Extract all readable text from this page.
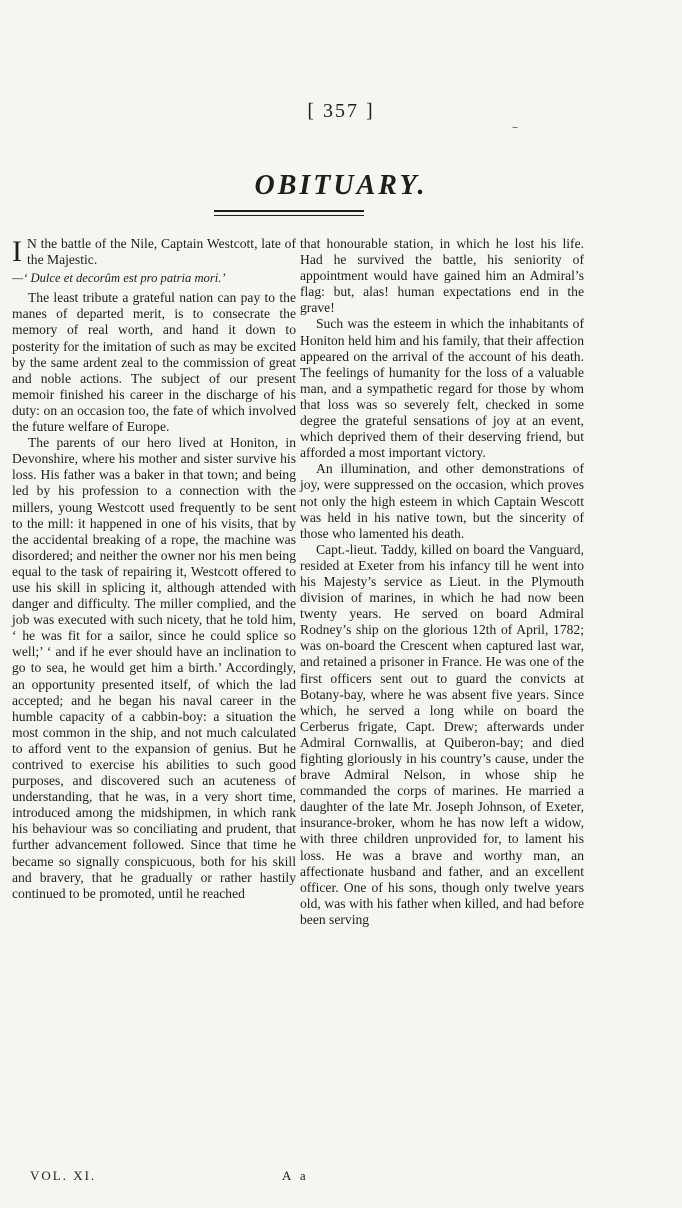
[ 357 ]
–
OBITUARY.

I N the battle of the Nile, Captain Westcott, late of the Majestic.

—‘ Dulce et decorûm est pro patria mori.’

The least tribute a grateful nation can pay to the manes of departed merit, is to consecrate the memory of real worth, and hand it down to posterity for the imitation of such as may be excited by the same ardent zeal to the commission of great and noble actions. The subject of our present memoir finished his career in the discharge of his duty: on an occasion too, the fate of which involved the future welfare of Europe.

The parents of our hero lived at Honiton, in Devonshire, where his mother and sister survive his loss. His father was a baker in that town; and being led by his profession to a connection with the millers, young Westcott used frequently to be sent to the mill: it happened in one of his visits, that by the accidental breaking of a rope, the machine was disordered; and neither the owner nor his men being equal to the task of repairing it, Westcott offered to use his skill in splicing it, although attended with danger and difficulty. The miller complied, and the job was executed with such nicety, that he told him, ‘ he was fit for a sailor, since he could splice so well;’ ‘ and if he ever should have an inclination to go to sea, he would get him a birth.’ Accordingly, an opportunity presented itself, of which the lad accepted; and he began his naval career in the humble capacity of a cabbin-boy: a situation the most common in the ship, and not much calculated to afford vent to the expansion of genius. But he contrived to exercise his abilities to such good purposes, and discovered such an acuteness of understanding, that he was, in a very short time, introduced among the midshipmen, in which rank his behaviour was so conciliating and prudent, that further advancement followed. Since that time he became so signally conspicuous, both for his skill and bravery, that he gradually or rather hastily continued to be promoted, until he reached

that honourable station, in which he lost his life. Had he survived the battle, his seniority of appointment would have gained him an Admiral’s flag: but, alas! human expectations end in the grave!

Such was the esteem in which the inhabitants of Honiton held him and his family, that their affection appeared on the arrival of the account of his death. The feelings of humanity for the loss of a valuable man, and a sympathetic regard for those by whom that loss was so severely felt, checked in some degree the grateful sensations of joy at an event, which deprived them of their deserving friend, but afforded a most important victory.

An illumination, and other demonstrations of joy, were suppressed on the occasion, which proves not only the high esteem in which Captain Wescott was held in his native town, but the sincerity of those who lamented his death.

Capt.-lieut. Taddy, killed on board the Vanguard, resided at Exeter from his infancy till he went into his Majesty’s service as Lieut. in the Plymouth division of marines, in which he had now been twenty years. He served on board Admiral Rodney’s ship on the glorious 12th of April, 1782; was on-board the Crescent when captured last war, and retained a prisoner in France. He was one of the first officers sent out to guard the convicts at Botany-bay, where he was absent five years. Since which, he served a long while on board the Cerberus frigate, Capt. Drew; afterwards under Admiral Cornwallis, at Quiberon-bay; and died fighting gloriously in his country’s cause, under the brave Admiral Nelson, in whose ship he commanded the corps of marines. He married a daughter of the late Mr. Joseph Johnson, of Exeter, insurance-broker, whom he has now left a widow, with three children unprovided for, to lament his loss. He was a brave and worthy man, an affectionate husband and father, and an excellent officer. One of his sons, though only twelve years old, was with his father when killed, and had before been serving

VOL. XI.	A a
